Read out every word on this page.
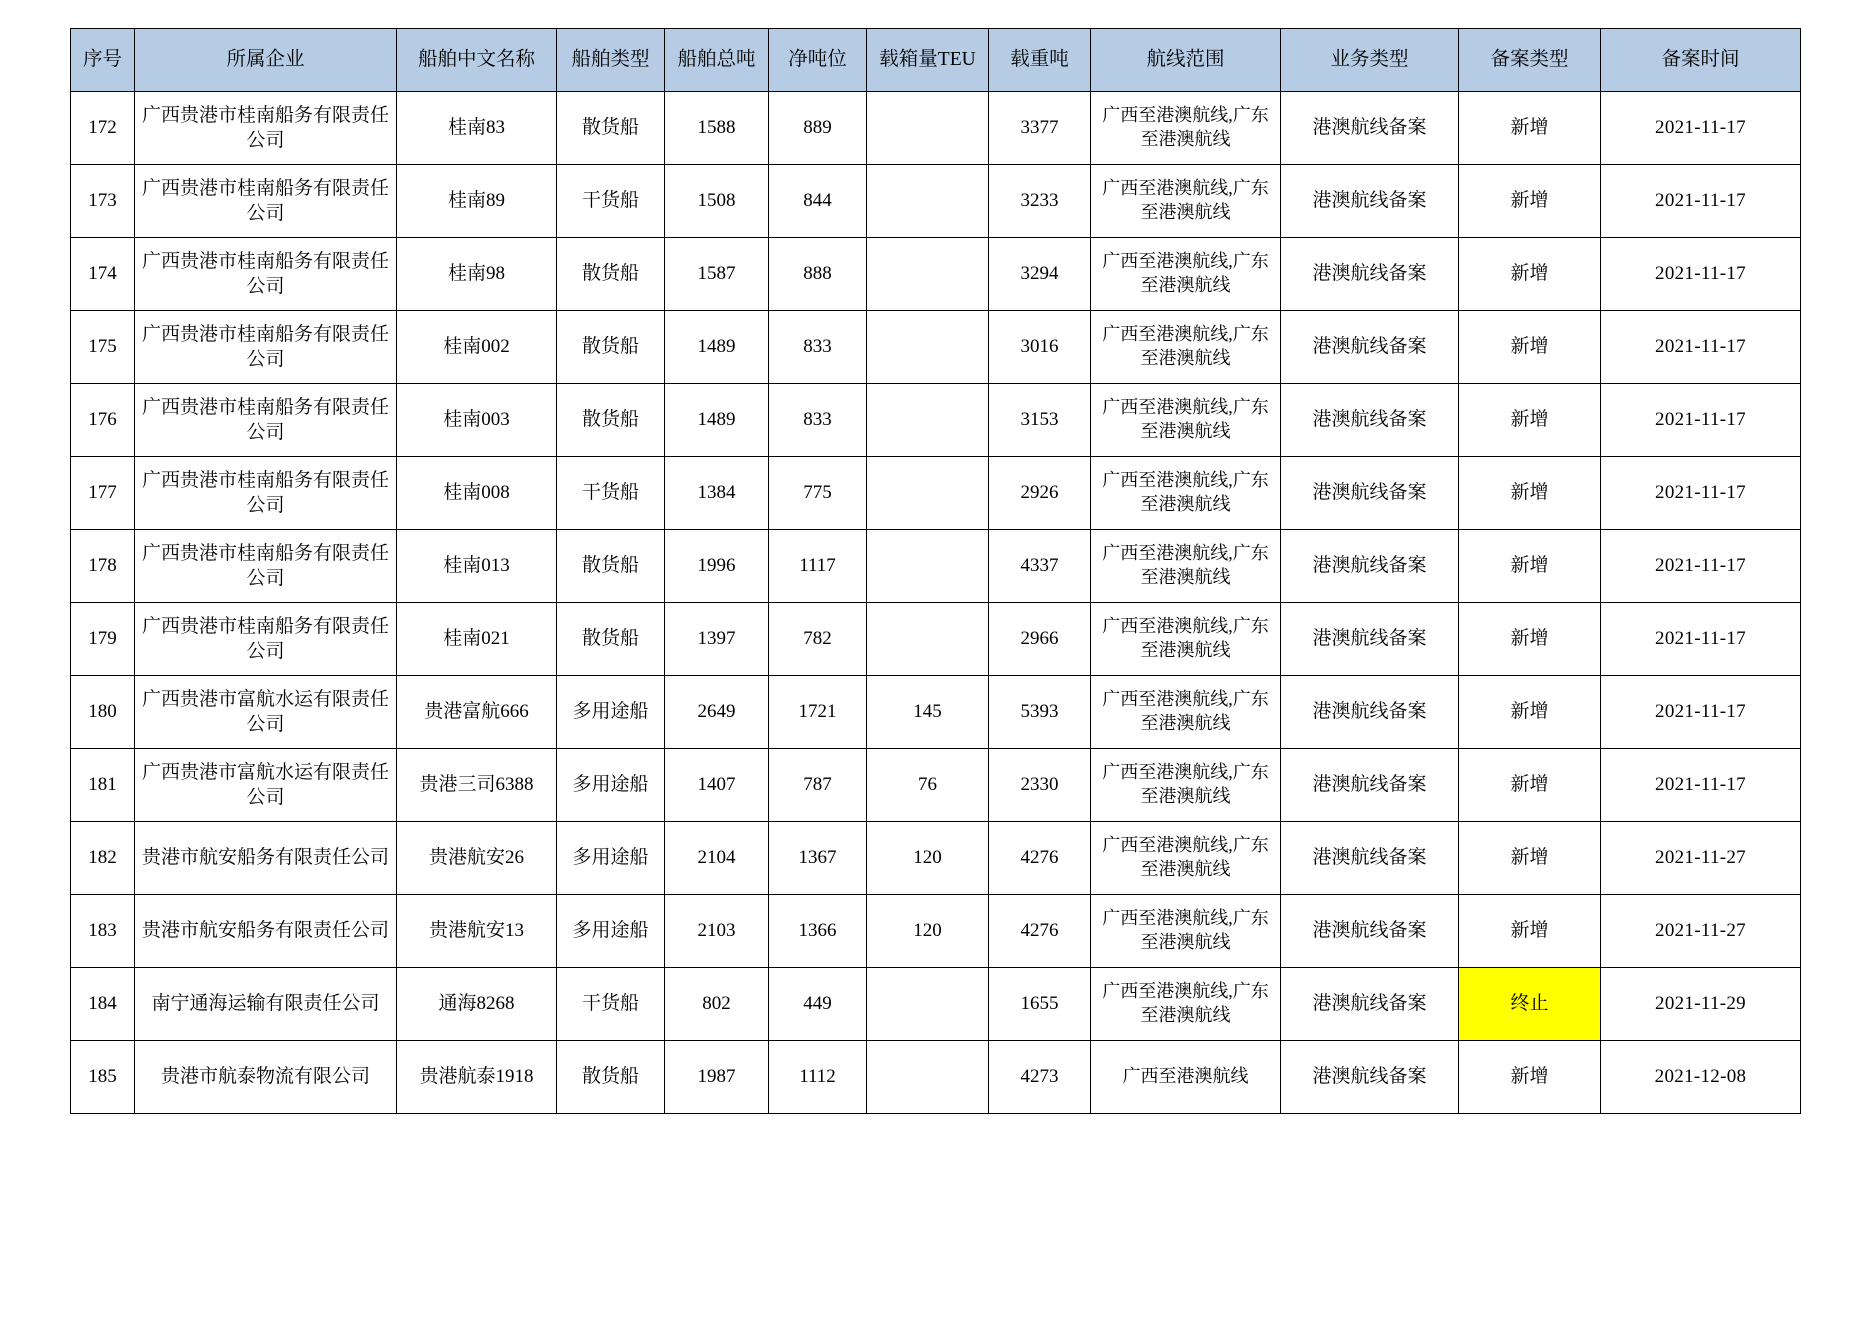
序号	所属企业	船舶中文名称	船舶类型	船舶总吨	净吨位	载箱量TEU	载重吨	航线范围	业务类型	备案类型	备案时间
172	广西贵港市桂南船务有限责任公司	桂南83	散货船	1588	889		3377	广西至港澳航线,广东至港澳航线	港澳航线备案	新增	2021-11-17
173	广西贵港市桂南船务有限责任公司	桂南89	干货船	1508	844		3233	广西至港澳航线,广东至港澳航线	港澳航线备案	新增	2021-11-17
174	广西贵港市桂南船务有限责任公司	桂南98	散货船	1587	888		3294	广西至港澳航线,广东至港澳航线	港澳航线备案	新增	2021-11-17
175	广西贵港市桂南船务有限责任公司	桂南002	散货船	1489	833		3016	广西至港澳航线,广东至港澳航线	港澳航线备案	新增	2021-11-17
176	广西贵港市桂南船务有限责任公司	桂南003	散货船	1489	833		3153	广西至港澳航线,广东至港澳航线	港澳航线备案	新增	2021-11-17
177	广西贵港市桂南船务有限责任公司	桂南008	干货船	1384	775		2926	广西至港澳航线,广东至港澳航线	港澳航线备案	新增	2021-11-17
178	广西贵港市桂南船务有限责任公司	桂南013	散货船	1996	1117		4337	广西至港澳航线,广东至港澳航线	港澳航线备案	新增	2021-11-17
179	广西贵港市桂南船务有限责任公司	桂南021	散货船	1397	782		2966	广西至港澳航线,广东至港澳航线	港澳航线备案	新增	2021-11-17
180	广西贵港市富航水运有限责任公司	贵港富航666	多用途船	2649	1721	145	5393	广西至港澳航线,广东至港澳航线	港澳航线备案	新增	2021-11-17
181	广西贵港市富航水运有限责任公司	贵港三司6388	多用途船	1407	787	76	2330	广西至港澳航线,广东至港澳航线	港澳航线备案	新增	2021-11-17
182	贵港市航安船务有限责任公司	贵港航安26	多用途船	2104	1367	120	4276	广西至港澳航线,广东至港澳航线	港澳航线备案	新增	2021-11-27
183	贵港市航安船务有限责任公司	贵港航安13	多用途船	2103	1366	120	4276	广西至港澳航线,广东至港澳航线	港澳航线备案	新增	2021-11-27
184	南宁通海运输有限责任公司	通海8268	干货船	802	449		1655	广西至港澳航线,广东至港澳航线	港澳航线备案	终止	2021-11-29
185	贵港市航泰物流有限公司	贵港航泰1918	散货船	1987	1112		4273	广西至港澳航线	港澳航线备案	新增	2021-12-08
